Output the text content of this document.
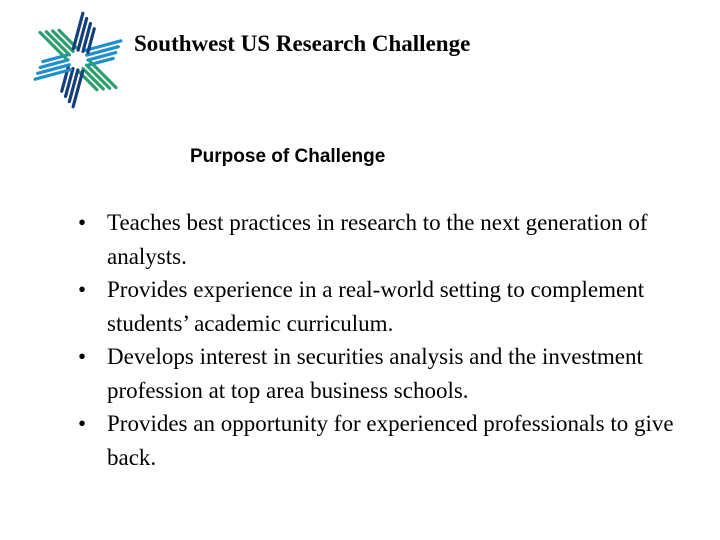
Southwest US Research Challenge
Purpose of Challenge
• Teaches best practices in research to the next generation of analysts.
• Provides experience in a real-world setting to complement students’ academic curriculum.
• Develops interest in securities analysis and the investment profession at top area business schools.
• Provides an opportunity for experienced professionals to give back.
